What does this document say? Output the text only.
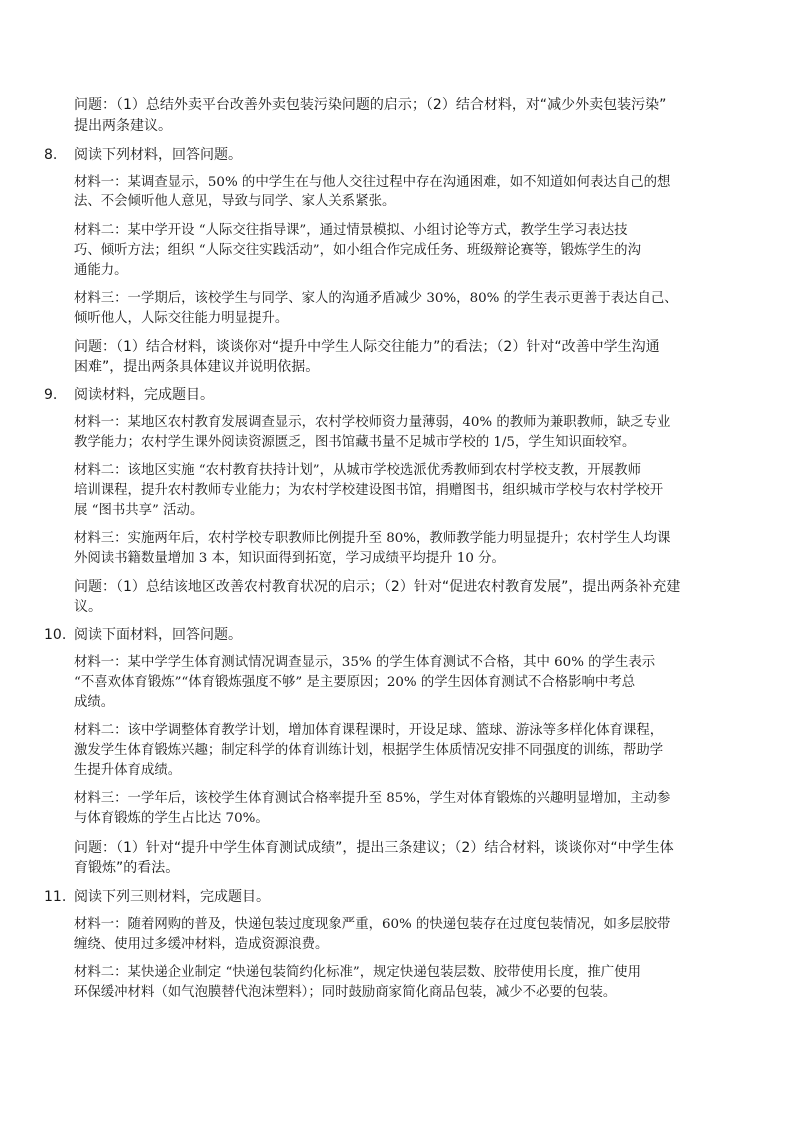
问题：（1）总结外卖平台改善外卖包装污染问题的启示；（2）结合材料，对“减少外卖包装污染”
提出两条建议。
8. 阅读下列材料，回答问题。
材料一：某调查显示，50% 的中学生在与他人交往过程中存在沟通困难，如不知道如何表达自己的想
法、不会倾听他人意见，导致与同学、家人关系紧张。
材料二：某中学开设 “人际交往指导课”，通过情景模拟、小组讨论等方式，教学生学习表达技
巧、倾听方法；组织 “人际交往实践活动”，如小组合作完成任务、班级辩论赛等，锻炼学生的沟
通能力。
材料三：一学期后，该校学生与同学、家人的沟通矛盾减少 30%，80% 的学生表示更善于表达自己、
倾听他人，人际交往能力明显提升。
问题：（1）结合材料，谈谈你对“提升中学生人际交往能力”的看法；（2）针对“改善中学生沟通
困难”，提出两条具体建议并说明依据。
9. 阅读材料，完成题目。
材料一：某地区农村教育发展调查显示，农村学校师资力量薄弱，40% 的教师为兼职教师，缺乏专业
教学能力；农村学生课外阅读资源匮乏，图书馆藏书量不足城市学校的 1/5，学生知识面较窄。
材料二：该地区实施 “农村教育扶持计划”，从城市学校选派优秀教师到农村学校支教，开展教师
培训课程，提升农村教师专业能力；为农村学校建设图书馆，捐赠图书，组织城市学校与农村学校开
展 “图书共享” 活动。
材料三：实施两年后，农村学校专职教师比例提升至 80%，教师教学能力明显提升；农村学生人均课
外阅读书籍数量增加 3 本，知识面得到拓宽，学习成绩平均提升 10 分。
问题：（1）总结该地区改善农村教育状况的启示；（2）针对“促进农村教育发展”，提出两条补充建
议。
10. 阅读下面材料，回答问题。
材料一：某中学学生体育测试情况调查显示，35% 的学生体育测试不合格，其中 60% 的学生表示
“不喜欢体育锻炼”“体育锻炼强度不够” 是主要原因；20% 的学生因体育测试不合格影响中考总
成绩。
材料二：该中学调整体育教学计划，增加体育课程课时，开设足球、篮球、游泳等多样化体育课程，
激发学生体育锻炼兴趣；制定科学的体育训练计划，根据学生体质情况安排不同强度的训练，帮助学
生提升体育成绩。
材料三：一学年后，该校学生体育测试合格率提升至 85%，学生对体育锻炼的兴趣明显增加，主动参
与体育锻炼的学生占比达 70%。
问题：（1）针对“提升中学生体育测试成绩”，提出三条建议；（2）结合材料，谈谈你对“中学生体
育锻炼”的看法。
11. 阅读下列三则材料，完成题目。
材料一：随着网购的普及，快递包装过度现象严重，60% 的快递包装存在过度包装情况，如多层胶带
缠绕、使用过多缓冲材料，造成资源浪费。
材料二：某快递企业制定 “快递包装简约化标准”，规定快递包装层数、胶带使用长度，推广使用
环保缓冲材料（如气泡膜替代泡沫塑料）；同时鼓励商家简化商品包装，减少不必要的包装。
